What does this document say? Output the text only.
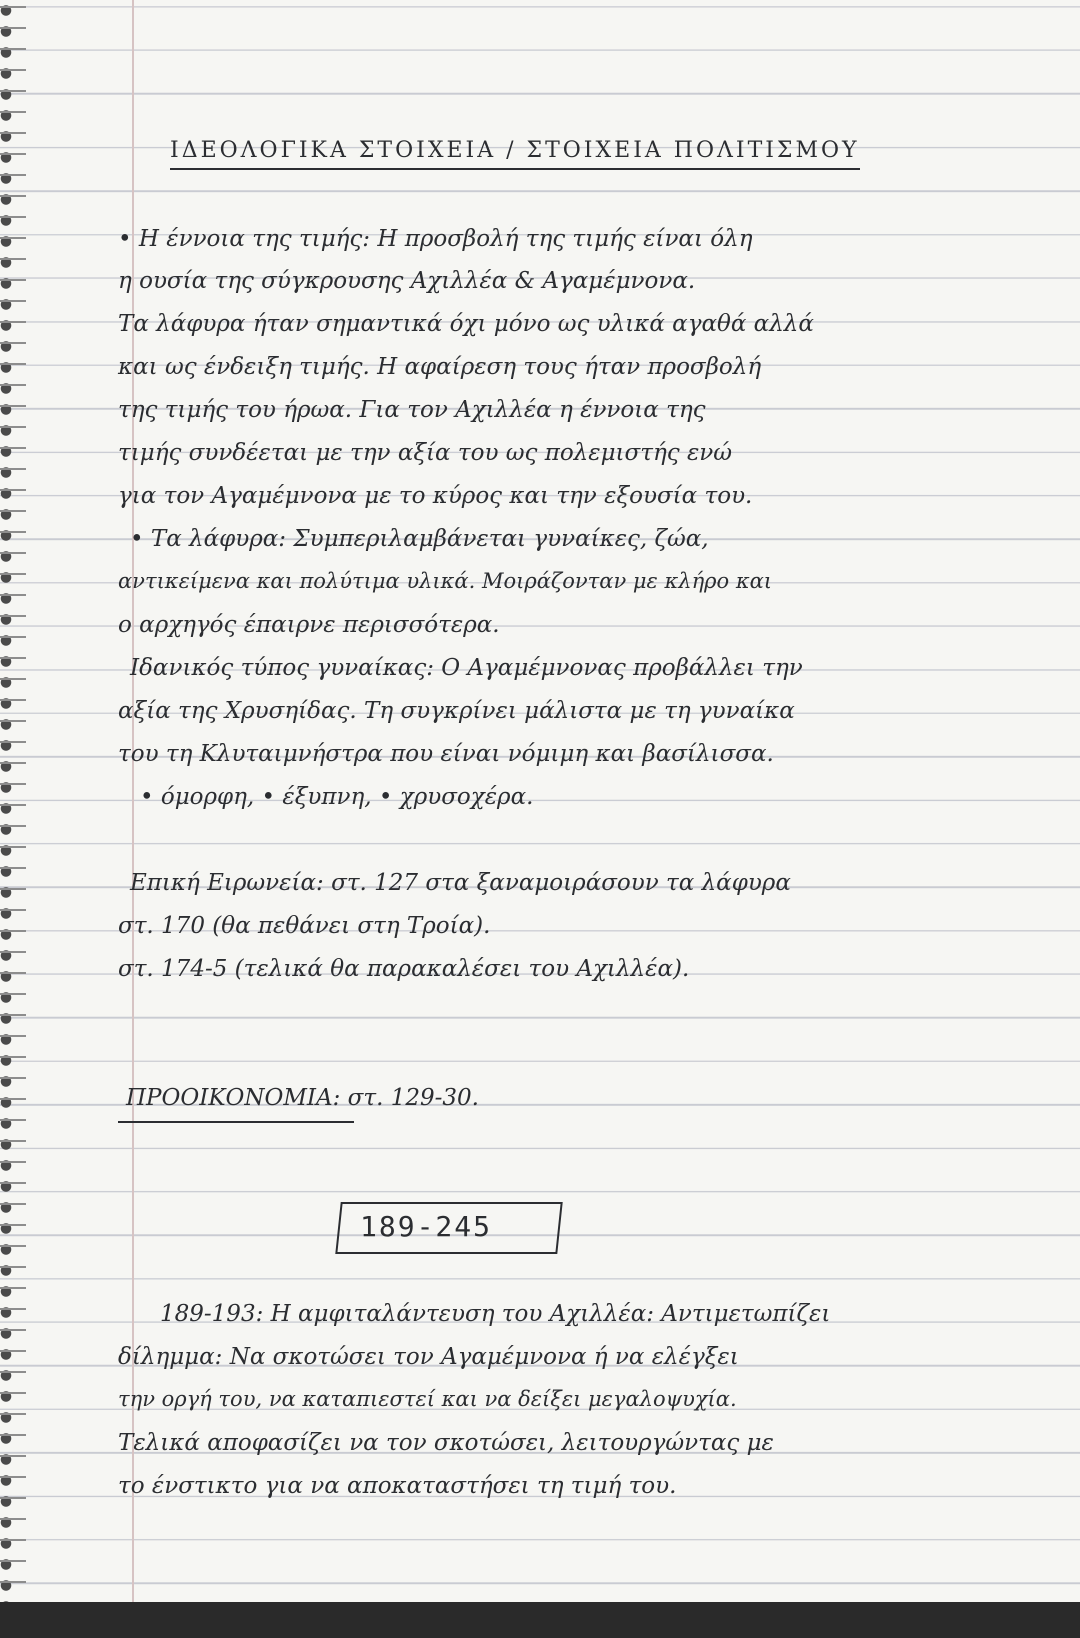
ΙΔΕΟΛΟΓΙΚΑ ΣΤΟΙΧΕΙΑ / ΣΤΟΙΧΕΙΑ ΠΟΛΙΤΙΣΜΟΥ
• Η έννοια της τιμής: Η προσβολή της τιμής είναι όλη
η ουσία της σύγκρουσης Αχιλλέα & Αγαμέμνονα.
Τα λάφυρα ήταν σημαντικά όχι μόνο ως υλικά αγαθά αλλά
και ως ένδειξη τιμής. Η αφαίρεση τους ήταν προσβολή
της τιμής του ήρωα. Για τον Αχιλλέα η έννοια της
τιμής συνδέεται με την αξία του ως πολεμιστής ενώ
για τον Αγαμέμνονα με το κύρος και την εξουσία του.
• Τα λάφυρα: Συμπεριλαμβάνεται γυναίκες, ζώα,
αντικείμενα και πολύτιμα υλικά. Μοιράζονταν με κλήρο και
ο αρχηγός έπαιρνε περισσότερα.
Ιδανικός τύπος γυναίκας: Ο Αγαμέμνονας προβάλλει την
αξία της Χρυσηίδας. Τη συγκρίνει μάλιστα με τη γυναίκα
του τη Κλυταιμνήστρα που είναι νόμιμη και βασίλισσα.
• όμορφη, • έξυπνη, • χρυσοχέρα.
Επική Ειρωνεία: στ. 127 στα ξαναμοιράσουν τα λάφυρα
στ. 170 (θα πεθάνει στη Τροία).
στ. 174-5 (τελικά θα παρακαλέσει του Αχιλλέα).
ΠΡΟΟΙΚΟΝΟΜΙΑ: στ. 129-30.
189-245
189-193: Η αμφιταλάντευση του Αχιλλέα: Αντιμετωπίζει
δίλημμα: Να σκοτώσει τον Αγαμέμνονα ή να ελέγξει
την οργή του, να καταπιεστεί και να δείξει μεγαλοψυχία.
Τελικά αποφασίζει να τον σκοτώσει, λειτουργώντας με
το ένστικτο για να αποκαταστήσει τη τιμή του.
